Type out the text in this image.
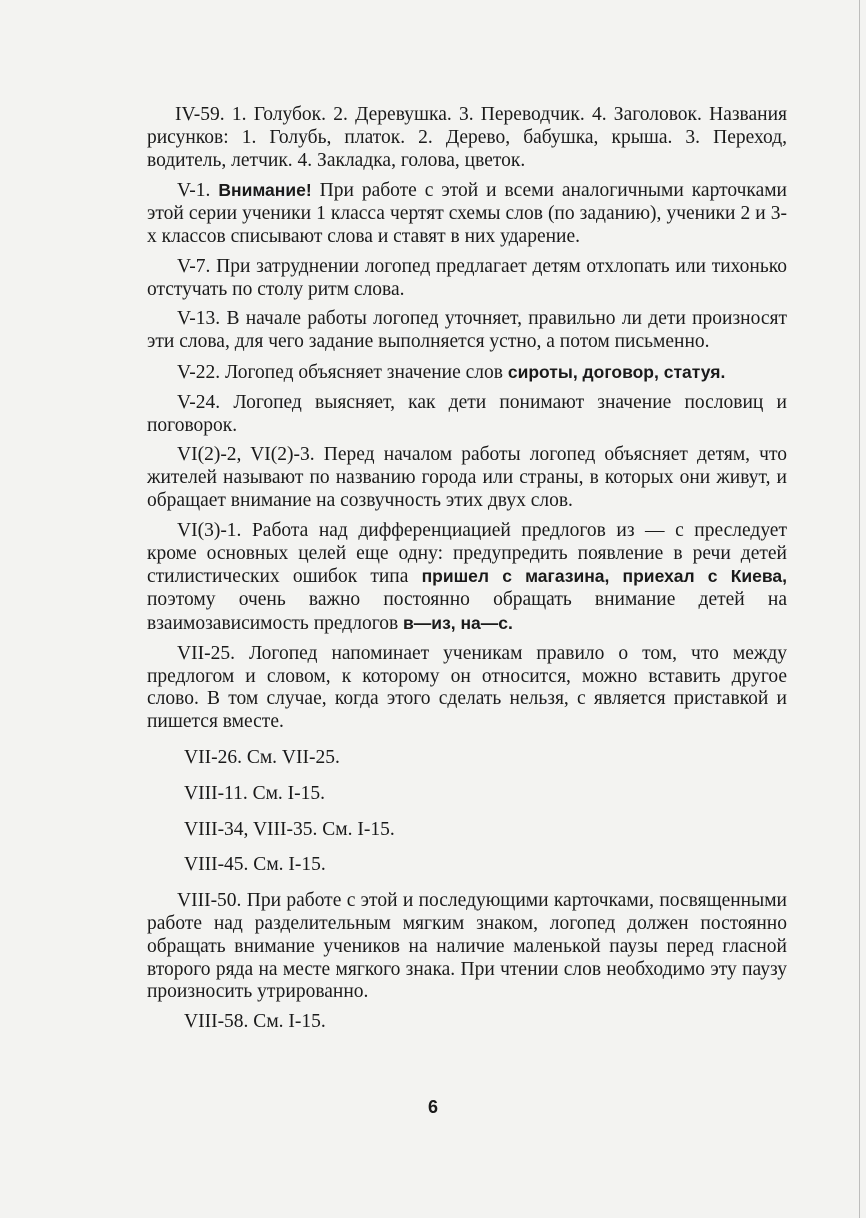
IV-59. 1. Голубок. 2. Деревушка. 3. Переводчик. 4. Заголовок. Названия рисунков: 1. Голубь, платок. 2. Дерево, бабушка, крыша. 3. Переход, водитель, летчик. 4. Закладка, голова, цветок.

V-1. Внимание! При работе с этой и всеми аналогичными карточками этой серии ученики 1 класса чертят схемы слов (по заданию), ученики 2 и 3-х классов списывают слова и ставят в них ударение.

V-7. При затруднении логопед предлагает детям отхлопать или тихонько отстучать по столу ритм слова.

V-13. В начале работы логопед уточняет, правильно ли дети произносят эти слова, для чего задание выполняется устно, а потом письменно.

V-22. Логопед объясняет значение слов сироты, договор, статуя.

V-24. Логопед выясняет, как дети понимают значение пословиц и поговорок.

VI(2)-2, VI(2)-3. Перед началом работы логопед объясняет детям, что жителей называют по названию города или страны, в которых они живут, и обращает внимание на созвучность этих двух слов.

VI(3)-1. Работа над дифференциацией предлогов из — с преследует кроме основных целей еще одну: предупредить появление в речи детей стилистических ошибок типа пришел с магазина, приехал с Киева, поэтому очень важно постоянно обращать внимание детей на взаимозависимость предлогов в—из, на—с.

VII-25. Логопед напоминает ученикам правило о том, что между предлогом и словом, к которому он относится, можно вставить другое слово. В том случае, когда этого сделать нельзя, с является приставкой и пишется вместе.

VII-26. См. VII-25.

VIII-11. См. I-15.

VIII-34, VIII-35. См. I-15.

VIII-45. См. I-15.

VIII-50. При работе с этой и последующими карточками, посвященными работе над разделительным мягким знаком, логопед должен постоянно обращать внимание учеников на наличие маленькой паузы перед гласной второго ряда на месте мягкого знака. При чтении слов необходимо эту паузу произносить утрированно.

VIII-58. См. I-15.

6
